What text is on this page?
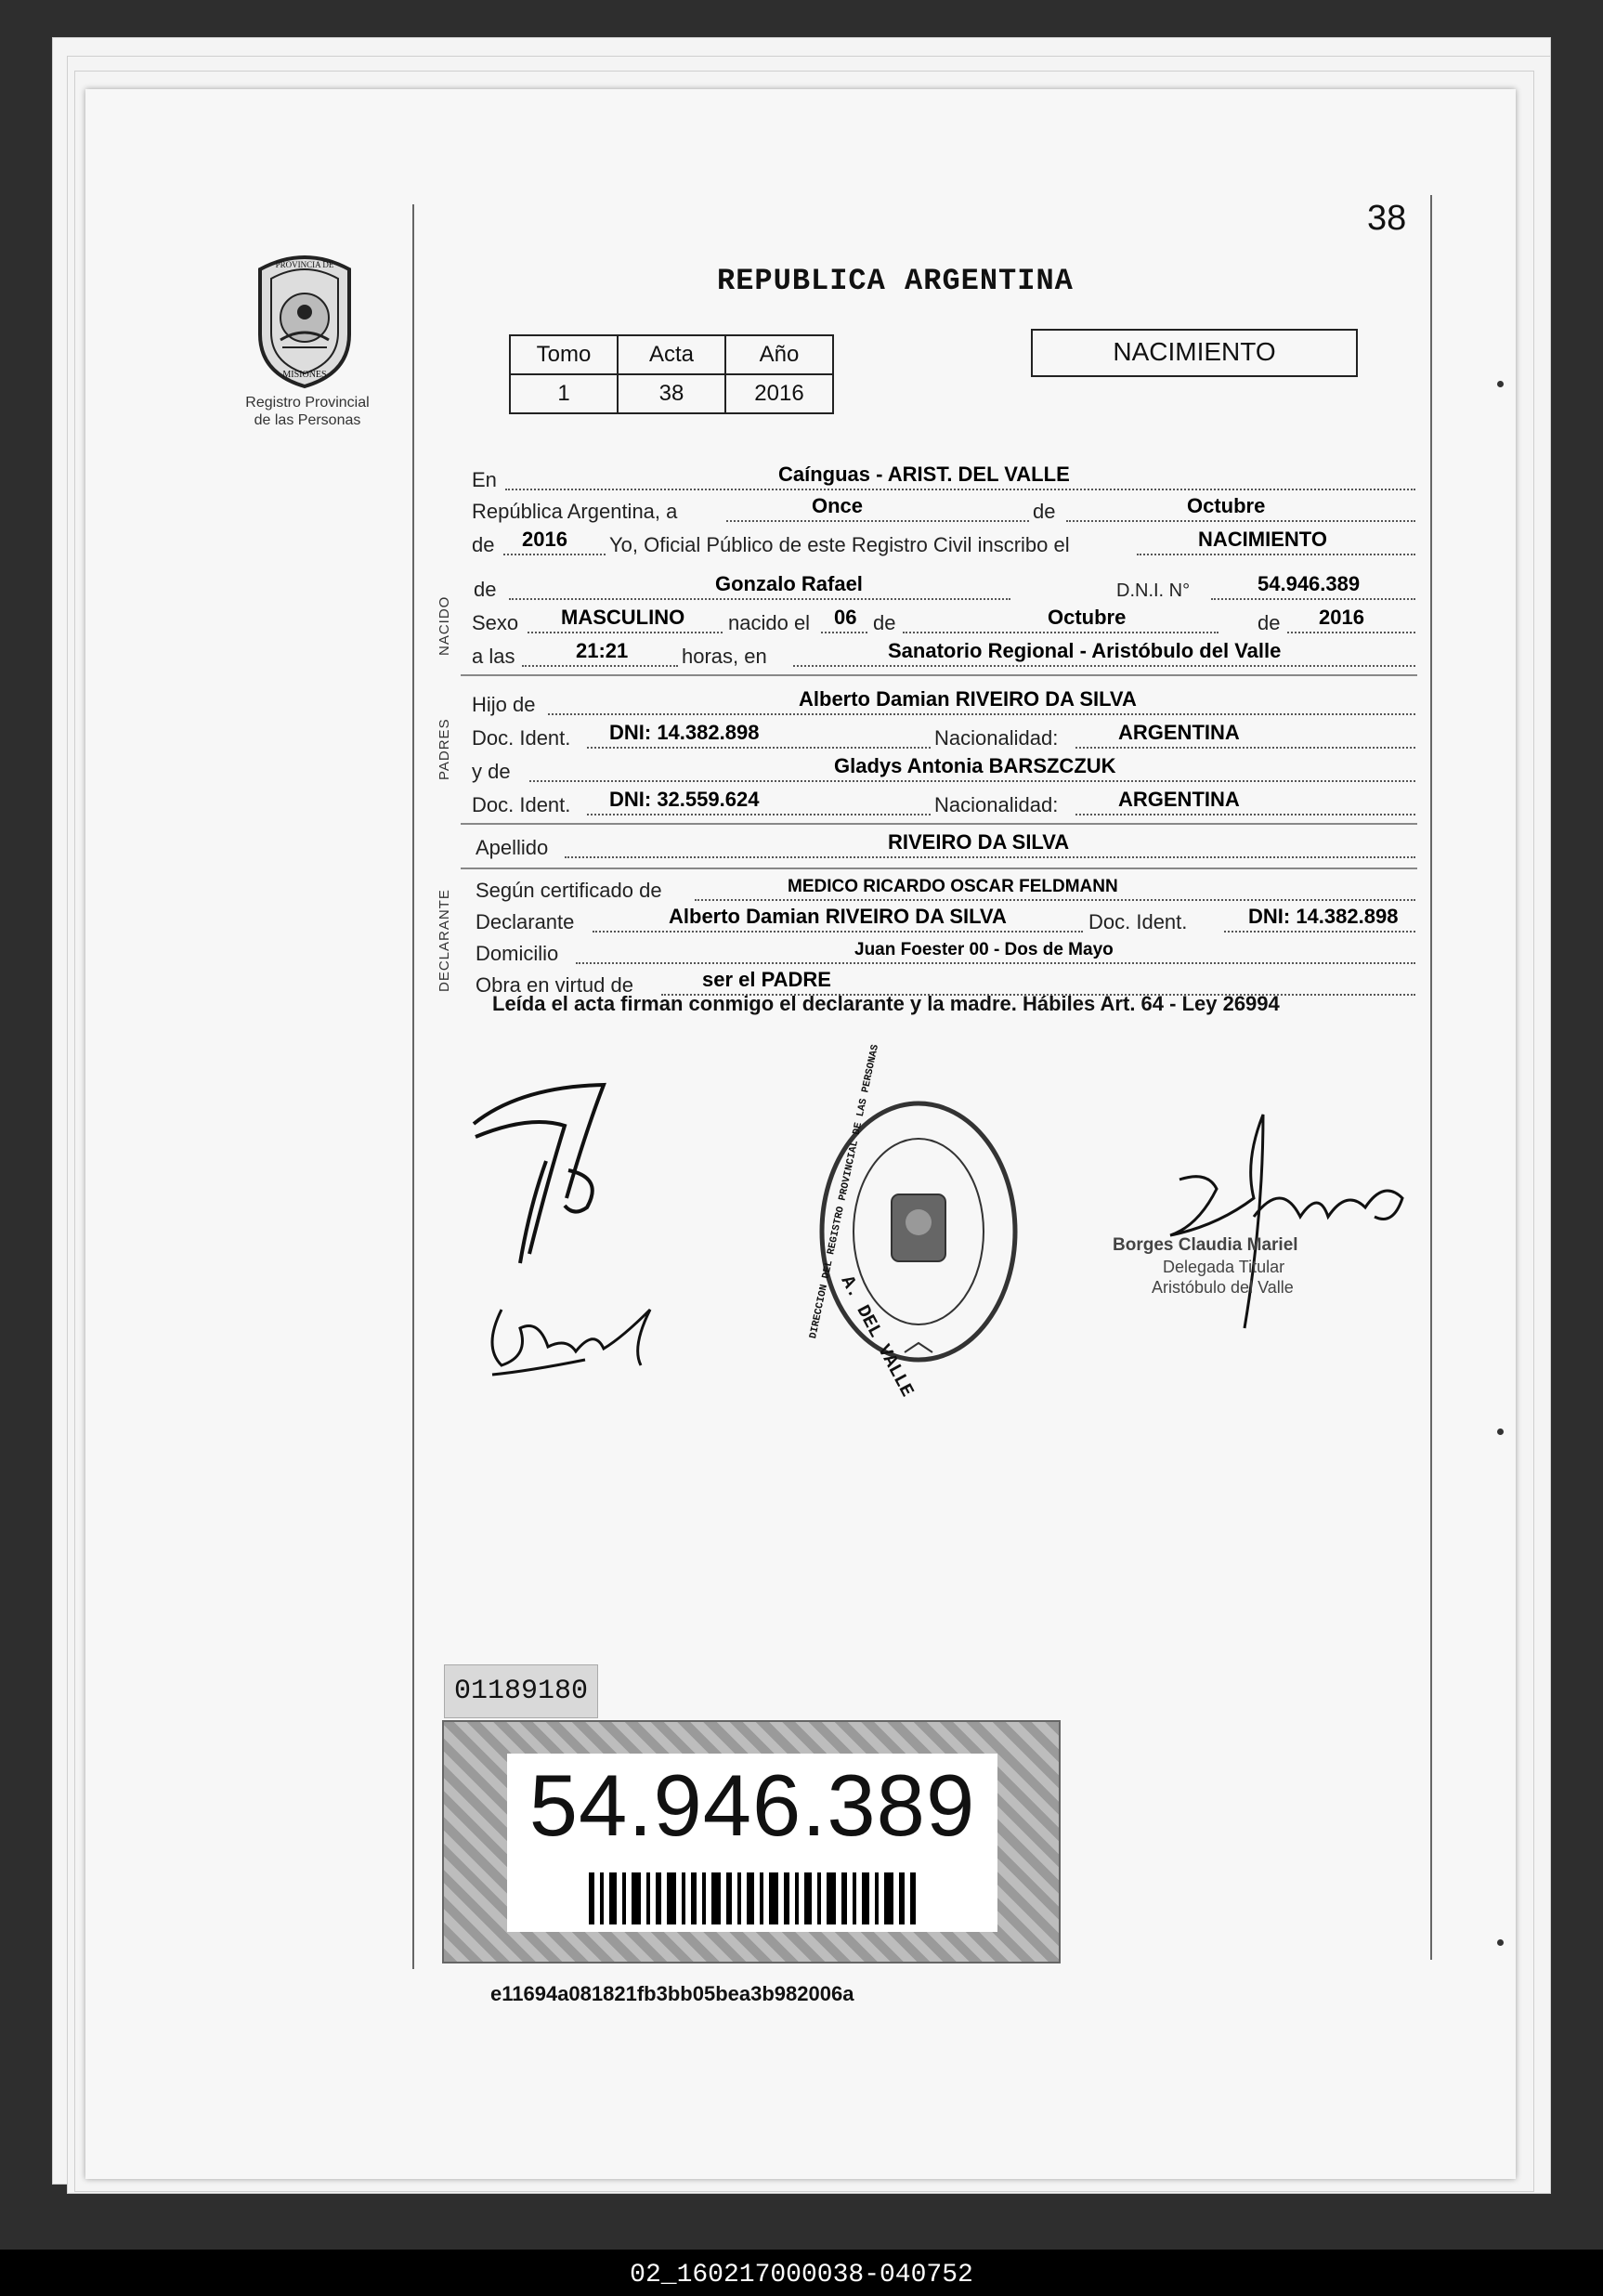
38
PROVINCIA DE
MISIONES
Registro Provincial
de las Personas
REPUBLICA ARGENTINA
Tomo	Acta	Año
1	38	2016
NACIMIENTO
En	Caínguas - ARIST. DEL VALLE
República Argentina, a	Once	de	Octubre
de 2016 Yo, Oficial Público de este Registro Civil inscribo el	NACIMIENTO
NACIDO
de	Gonzalo Rafael	D.N.I. N°	54.946.389
Sexo MASCULINO nacido el 06 de	Octubre	de 2016
a las	21:21	horas, en	Sanatorio Regional - Aristóbulo del Valle
PADRES
Hijo de	Alberto Damian RIVEIRO DA SILVA
Doc. Ident. DNI: 14.382.898	Nacionalidad:	ARGENTINA
y de	Gladys Antonia BARSZCZUK
Doc. Ident. DNI: 32.559.624	Nacionalidad:	ARGENTINA
Apellido	RIVEIRO DA SILVA
DECLARANTE Según certificado de	MEDICO RICARDO OSCAR FELDMANN
Declarante	Alberto Damian RIVEIRO DA SILVA	Doc. Ident.	DNI: 14.382.898
Domicilio	Juan Foester 00 - Dos de Mayo
Obra en virtud de	ser el PADRE
Leída el acta firman conmigo el declarante y la madre. Hábiles Art. 64 - Ley 26994
A. DEL VALLE
DIRECCION DEL REGISTRO PROVINCIAL DE LAS PERSONAS	Borges Claudia Mariel
Delegada Titular
Aristóbulo del Valle
01189180
54.946.389
e11694a081821fb3bb05bea3b982006a
02_160217000038-040752
